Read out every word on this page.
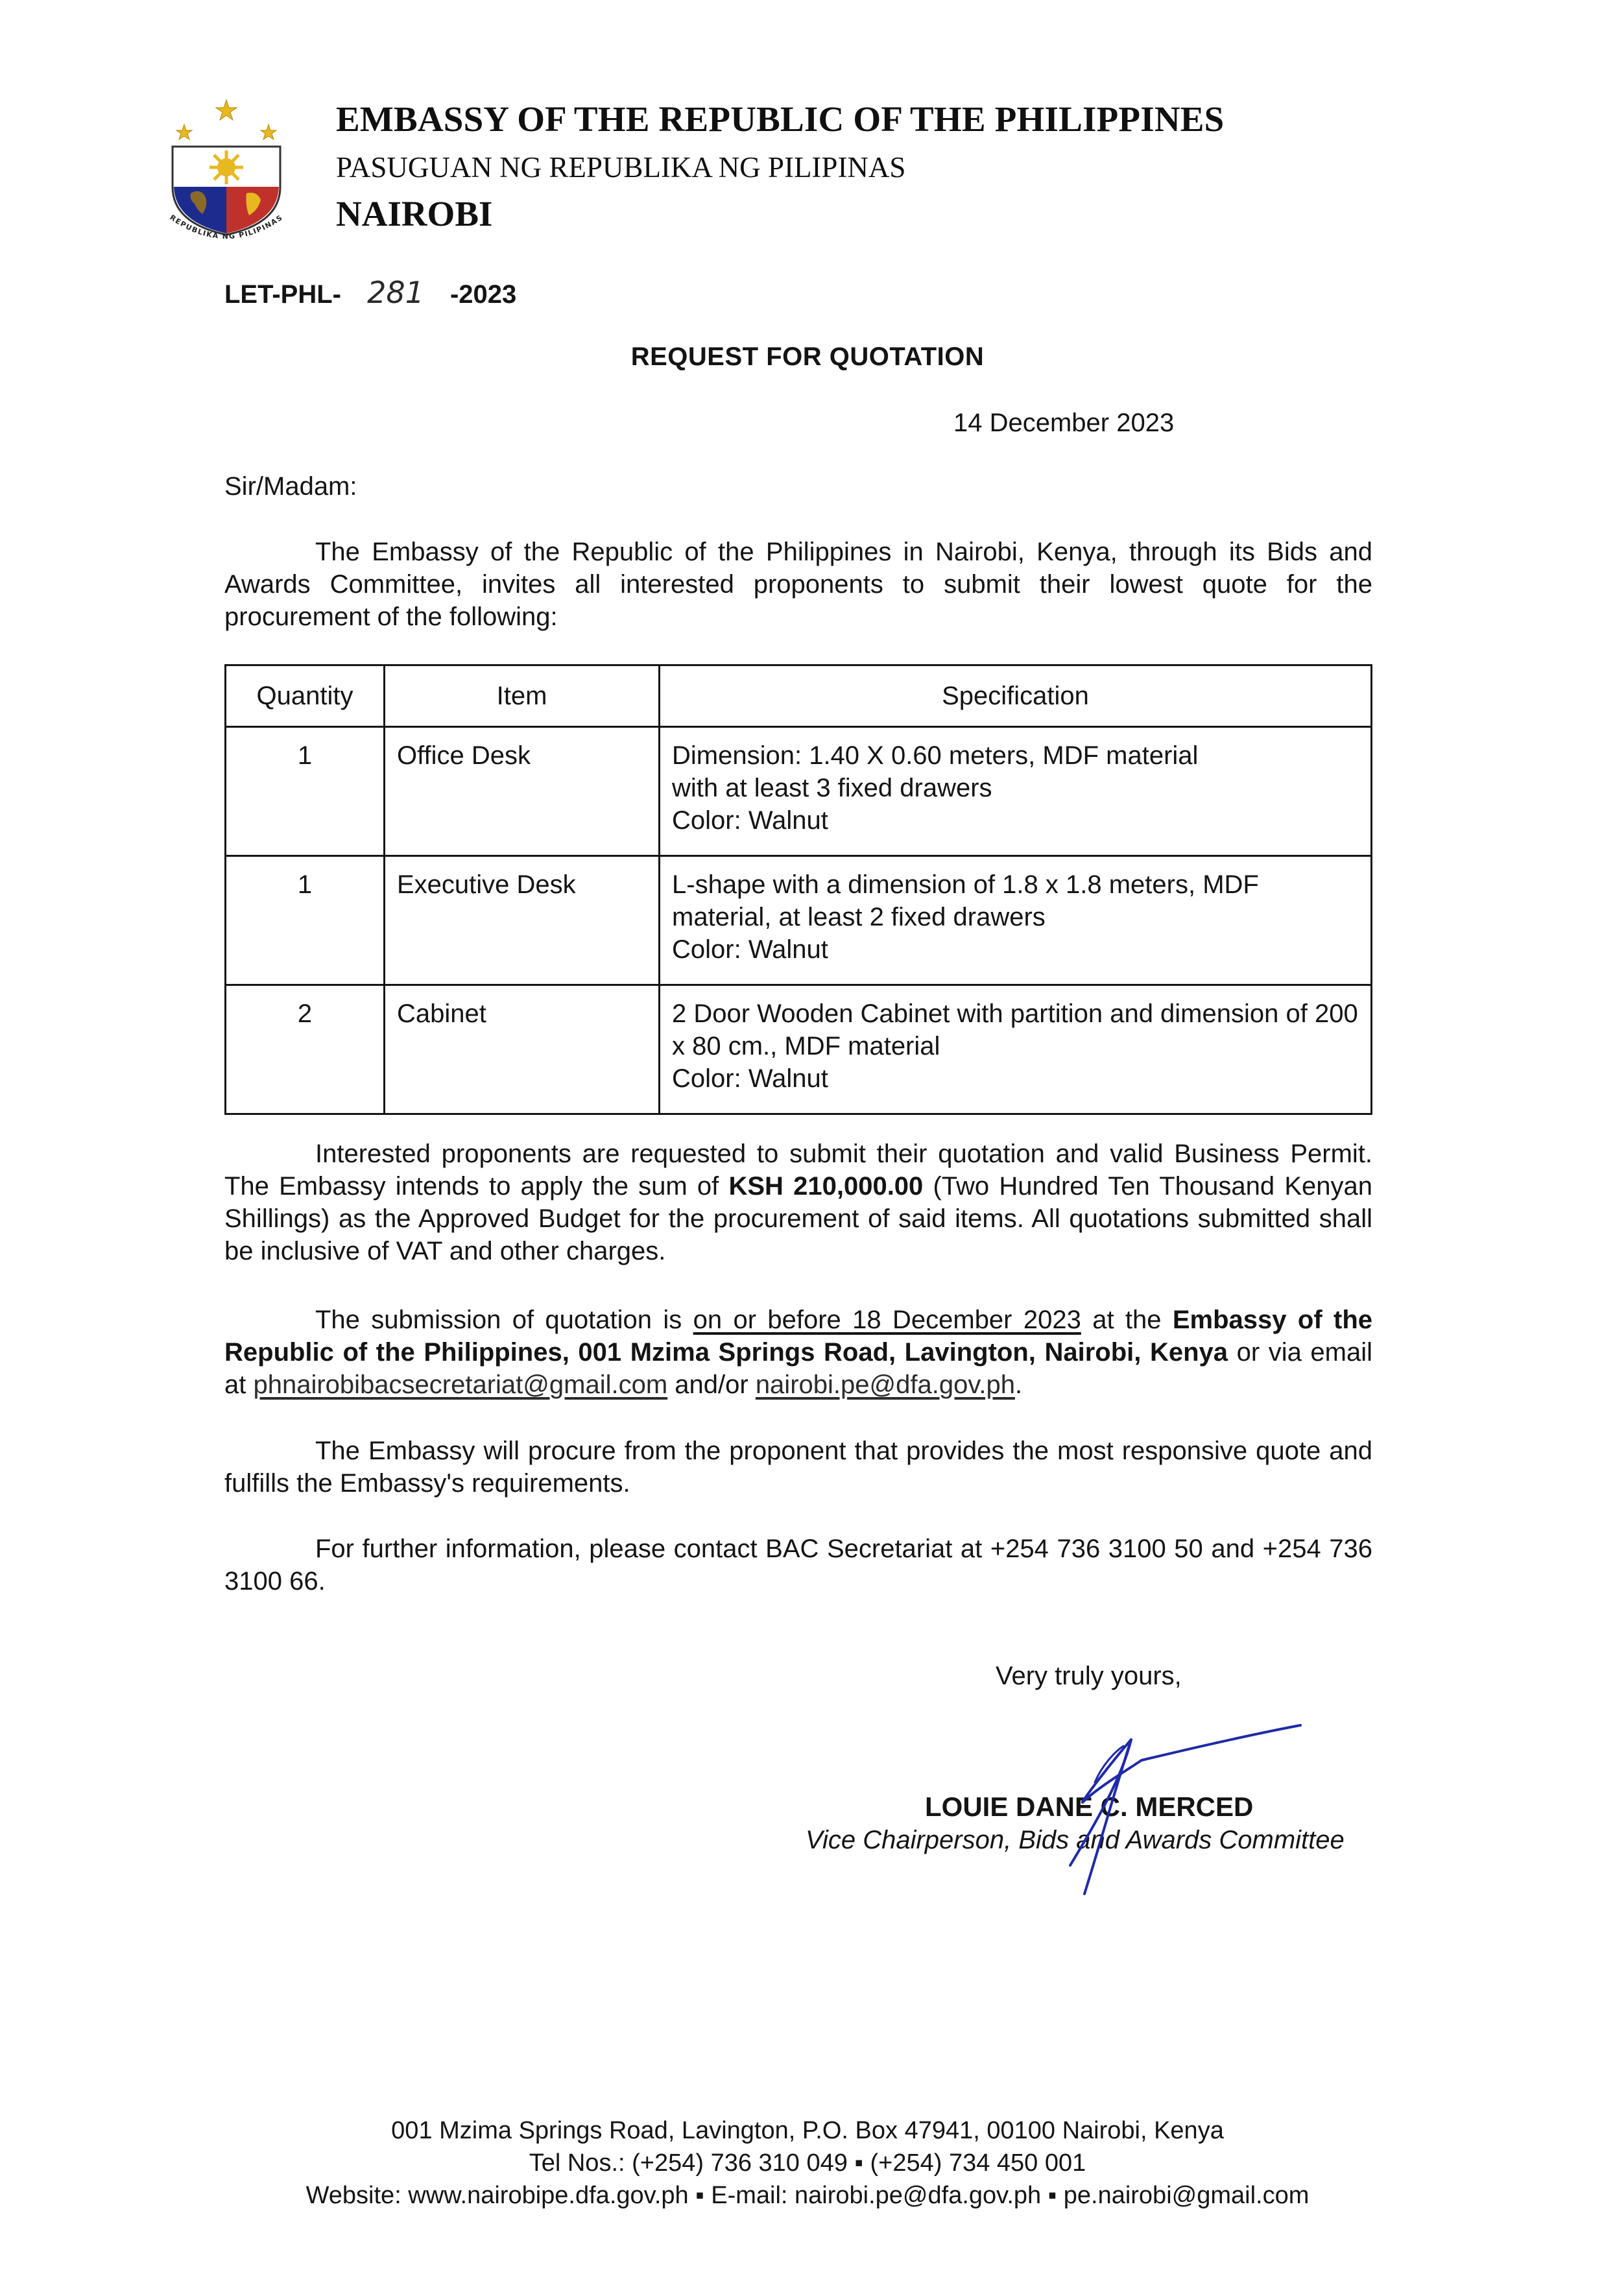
REPUBLIKA NG PILIPINAS
EMBASSY OF THE REPUBLIC OF THE PHILIPPINES
PASUGUAN NG REPUBLIKA NG PILIPINAS
NAIROBI
LET-PHL- 281 -2023
REQUEST FOR QUOTATION
14 December 2023
Sir/Madam:
The Embassy of the Republic of the Philippines in Nairobi, Kenya, through its Bids and Awards Committee, invites all interested proponents to submit their lowest quote for the procurement of the following:
Quantity	Item	Specification
1	Office Desk	Dimension: 1.40 X 0.60 meters, MDF material
with at least 3 fixed drawers
Color: Walnut

1	Executive Desk	L-shape with a dimension of 1.8 x 1.8 meters, MDF material, at least 2 fixed drawers
Color: Walnut

2	Cabinet	2 Door Wooden Cabinet with partition and dimension of 200 x 80 cm., MDF material
Color: Walnut
Interested proponents are requested to submit their quotation and valid Business Permit. The Embassy intends to apply the sum of KSH 210,000.00 (Two Hundred Ten Thousand Kenyan Shillings) as the Approved Budget for the procurement of said items. All quotations submitted shall be inclusive of VAT and other charges.
The submission of quotation is on or before 18 December 2023 at the Embassy of the Republic of the Philippines, 001 Mzima Springs Road, Lavington, Nairobi, Kenya or via email at phnairobibacsecretariat@gmail.com and/or nairobi.pe@dfa.gov.ph.
The Embassy will procure from the proponent that provides the most responsive quote and fulfills the Embassy's requirements.
For further information, please contact BAC Secretariat at +254 736 3100 50 and +254 736 3100 66.
Very truly yours,
LOUIE DANE C. MERCED
Vice Chairperson, Bids and Awards Committee
001 Mzima Springs Road, Lavington, P.O. Box 47941, 00100 Nairobi, Kenya
Tel Nos.: (+254) 736 310 049 ▪ (+254) 734 450 001
Website: www.nairobipe.dfa.gov.ph ▪ E-mail: nairobi.pe@dfa.gov.ph ▪ pe.nairobi@gmail.com
